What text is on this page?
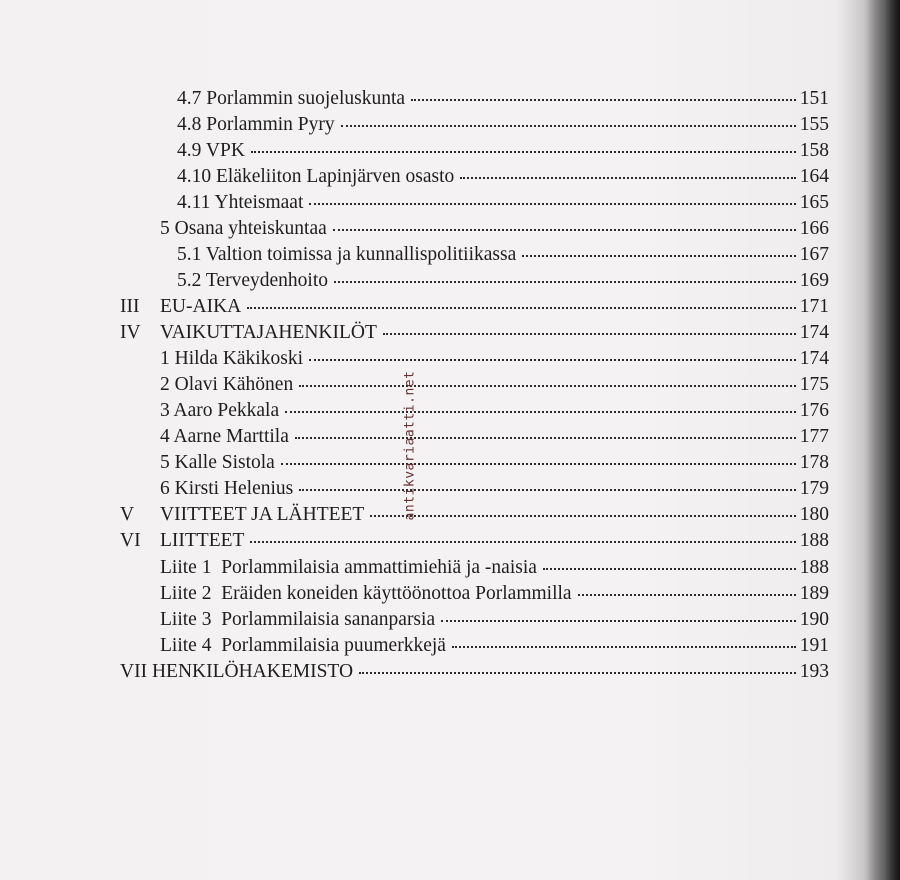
4.7 Porlammin suojeluskunta	151
4.8 Porlammin Pyry	155
4.9 VPK	158
4.10 Eläkeliiton Lapinjärven osasto	164
4.11 Yhteismaat	165
5 Osana yhteiskuntaa	166
5.1 Valtion toimissa ja kunnallispolitiikassa	167
5.2 Terveydenhoito	169
III	EU-AIKA	171
IV VAIKUTTAJAHENKILÖT	174
1 Hilda Käkikoski	174
2 Olavi Kähönen	175
3 Aaro Pekkala	176
4 Aarne Marttila	177
5 Kalle Sistola	178
6 Kirsti Helenius	179
V	VIITTEET JA LÄHTEET	180
VI LIITTEET	188
Liite 1  Porlammilaisia ammattimiehiä ja -naisia	188
Liite 2  Eräiden koneiden käyttöönottoa Porlammilla	189
Liite 3  Porlammilaisia sananparsia	190
Liite 4  Porlammilaisia puumerkkejä	191
VII HENKILÖHAKEMISTO	193
antikvariaatti.net
